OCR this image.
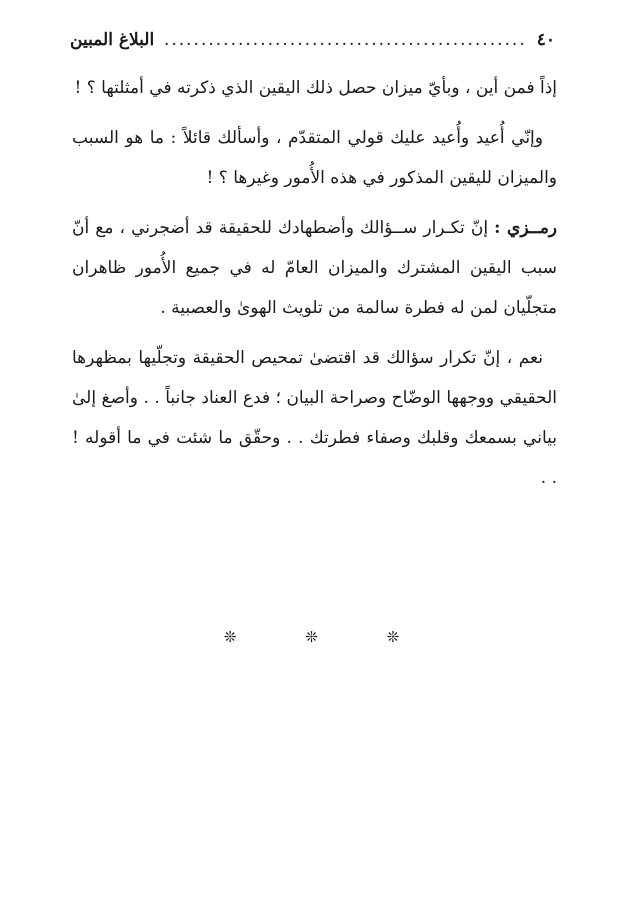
٤٠
.....
البلاغ المبين

إذاً فمن أين ، وبأيّ ميزان حصل ذلك اليقين الذي ذكرته في أمثلتها ؟ !

وإنّي أُعيد وأُعيد عليك قولي المتقدّم ، وأسألك قائلاً : ما هو السبب والميزان لليقين المذكور في هذه الأُمور وغيرها ؟ !

رمــزي : إنّ تكـرار ســؤالك وأضطهادك للحقيقة قد أضجرني ، مع أنّ سبب اليقين المشترك والميزان العامّ له في جميع الأُمور ظاهران متجلّيان لمن له فطرة سالمة من تلويث الهوىٰ والعصبية .

نعم ، إنّ تكرار سؤالك قد اقتضىٰ تمحيص الحقيقة وتجلّيها بمظهرها الحقيقي ووجهها الوضّاح وصراحة البيان ؛ فدع العناد جانباً . . وأصغ إلىٰ بياني بسمعك وقلبك وصفاء فطرتك . . وحقّق ما شئت في ما أقوله ! . .

❊	❊	❊
